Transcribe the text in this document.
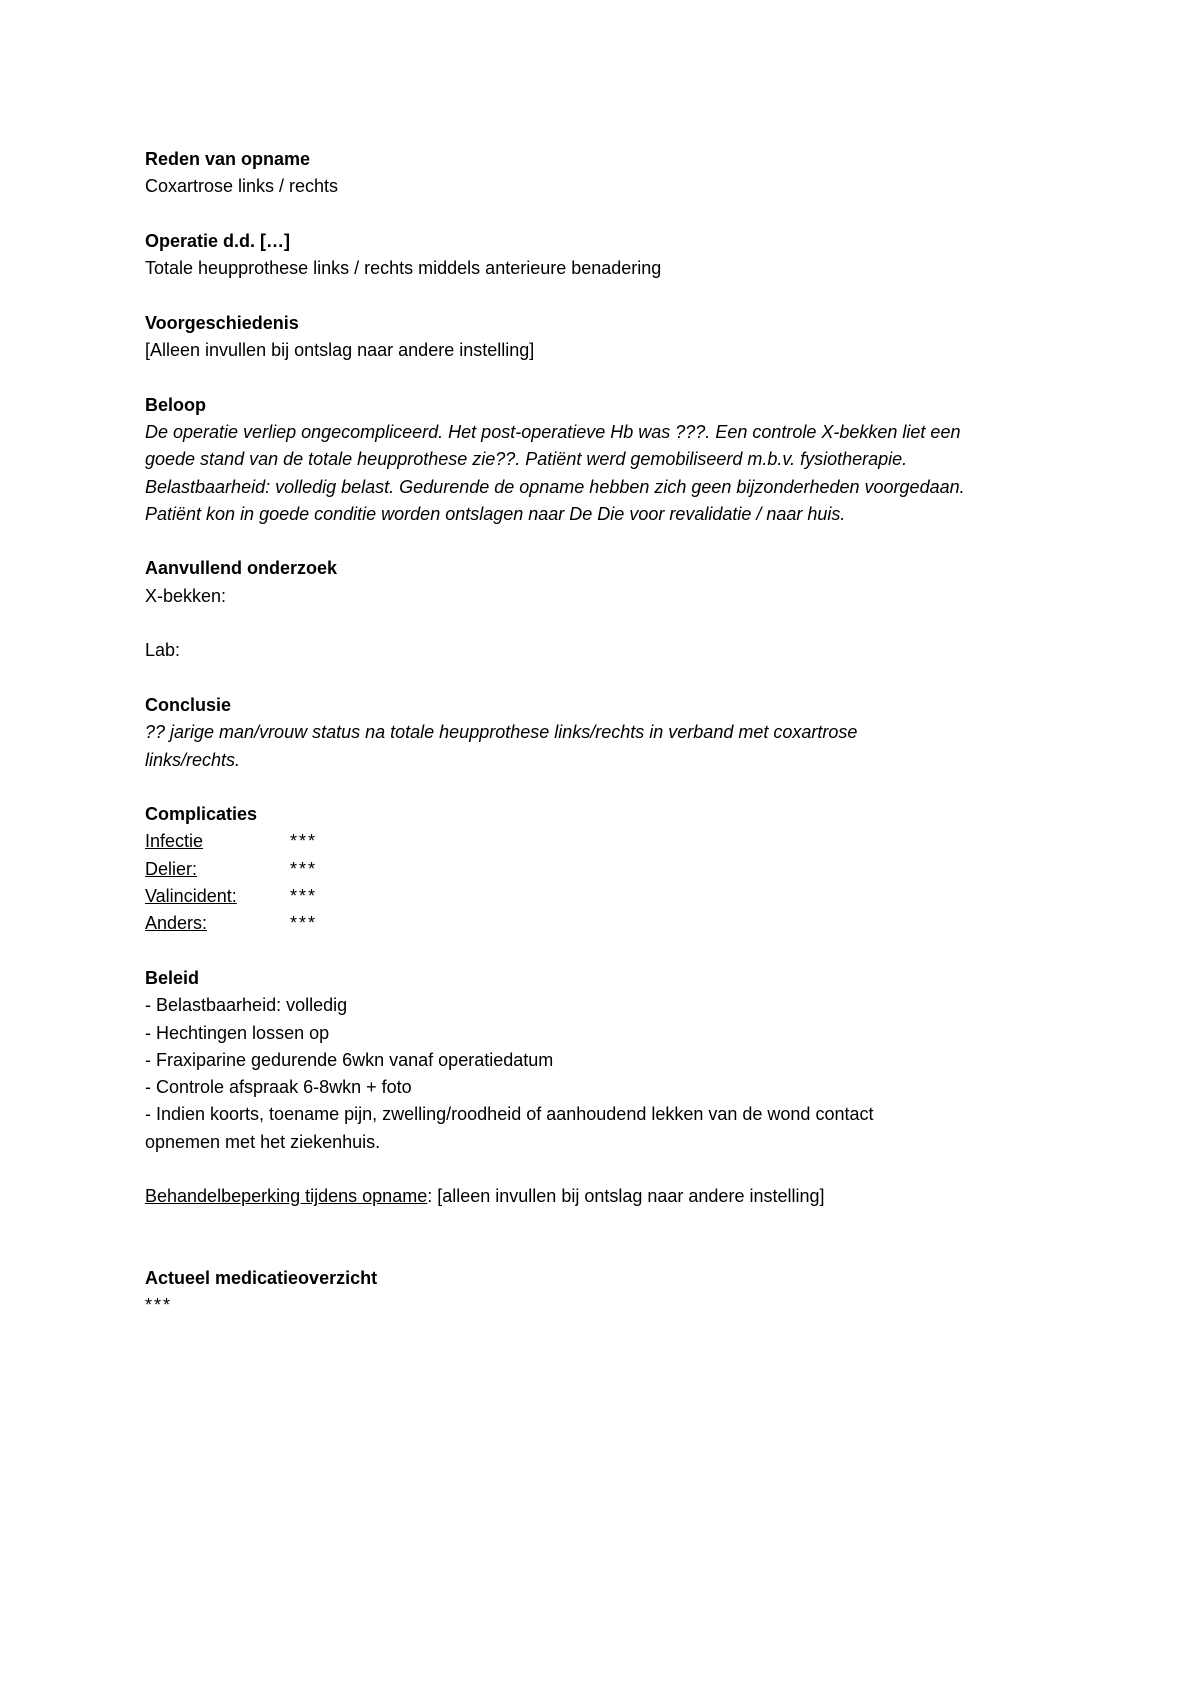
Reden van opname
Coxartrose links / rechts
Operatie d.d. […]
Totale heupprothese links / rechts middels anterieure benadering
Voorgeschiedenis
[Alleen invullen bij ontslag naar andere instelling]
Beloop
De operatie verliep ongecompliceerd. Het post-operatieve Hb was ???. Een controle X-bekken liet een
goede stand van de totale heupprothese zie??. Patiënt werd gemobiliseerd m.b.v. fysiotherapie.
Belastbaarheid: volledig belast. Gedurende de opname hebben zich geen bijzonderheden voorgedaan.
Patiënt kon in goede conditie worden ontslagen naar De Die voor revalidatie / naar huis.
Aanvullend onderzoek
X-bekken:
Lab:
Conclusie
?? jarige man/vrouw status na totale heupprothese links/rechts in verband met coxartrose
links/rechts.
Complicaties
Infectie	***
Delier:	***
Valincident:	***
Anders:	***
Beleid
- Belastbaarheid: volledig
- Hechtingen lossen op
- Fraxiparine gedurende 6wkn vanaf operatiedatum
- Controle afspraak 6-8wkn + foto
- Indien koorts, toename pijn, zwelling/roodheid of aanhoudend lekken van de wond contact
opnemen met het ziekenhuis.
Behandelbeperking tijdens opname: [alleen invullen bij ontslag naar andere instelling]
Actueel medicatieoverzicht
***
